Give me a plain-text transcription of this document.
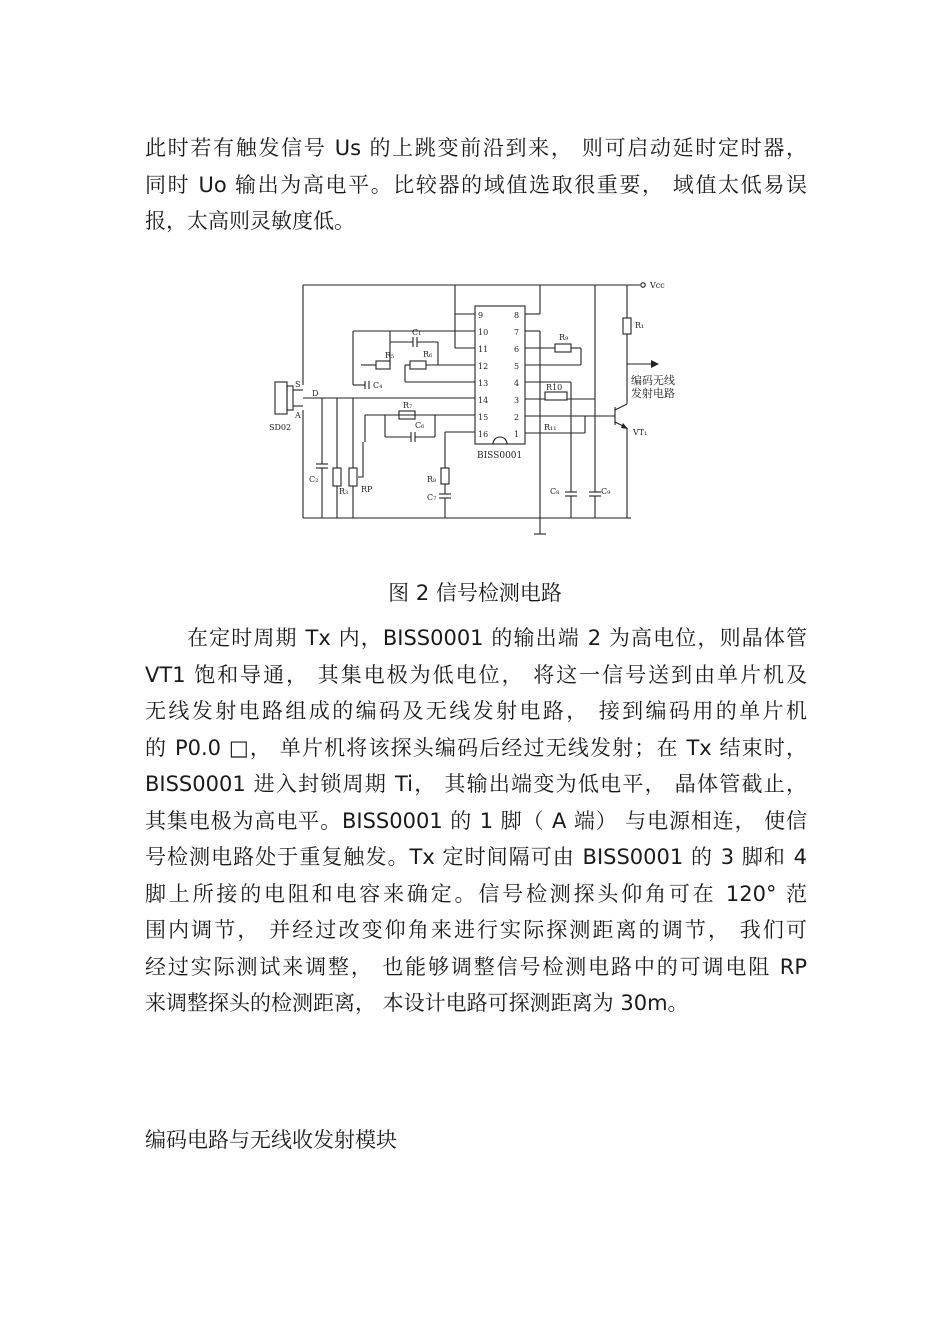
此时若有触发信号 Us 的上跳变前沿到来， 则可启动延时定时器，
同时 Uo 输出为高电平。比较器的域值选取很重要， 域值太低易误
报，太高则灵敏度低。
Vcc
S
A
SD02
D
C₂
R₃ RP
9
10
11
12
13
14
15
16
8
7
6
5
4
3
2
1
BISS0001
C₁
R₆
R₅
C₄
R₇
C₆
R₈
C₇
R₉
R10
C₈	C₉
R₁₁
R₁
编码无线
发射电路
VT₁
图 2 信号检测电路
在定时周期 Tx 内，BISS0001 的输出端 2 为高电位，则晶体管
VT1 饱和导通， 其集电极为低电位， 将这一信号送到由单片机及
无线发射电路组成的编码及无线发射电路， 接到编码用的单片机
的 P0.0 □， 单片机将该探头编码后经过无线发射；在 Tx 结束时，
BISS0001 进入封锁周期 Ti， 其输出端变为低电平， 晶体管截止，
其集电极为高电平。BISS0001 的 1 脚（ A 端） 与电源相连， 使信
号检测电路处于重复触发。Tx 定时间隔可由 BISS0001 的 3 脚和 4
脚上所接的电阻和电容来确定。信号检测探头仰角可在 120° 范
围内调节， 并经过改变仰角来进行实际探测距离的调节， 我们可
经过实际测试来调整， 也能够调整信号检测电路中的可调电阻 RP
来调整探头的检测距离， 本设计电路可探测距离为 30m。
编码电路与无线收发射模块
